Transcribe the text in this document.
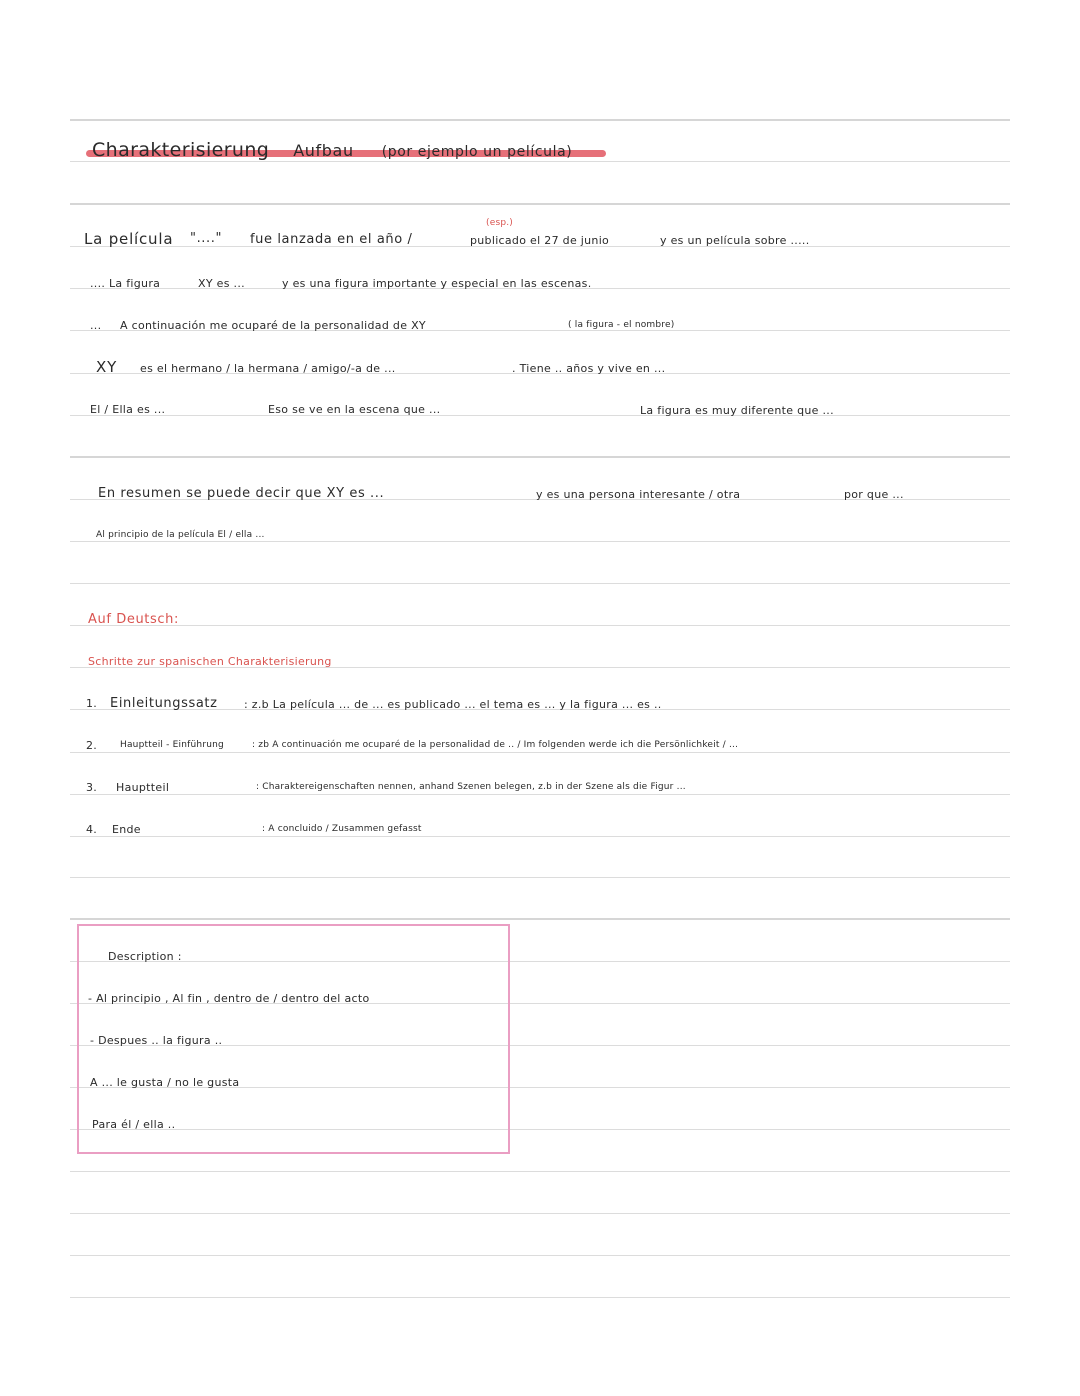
Charakterisierung Aufbau (por ejemplo un película)
La película "...." fue lanzada en el año /
(esp.)
publicado el 27 de junio	y es un película sobre .....
.... La figura	XY es ...	y es una figura importante y especial en las escenas.
... A continuación me ocuparé de la personalidad de XY	( la figura - el nombre)
XY es el hermano / la hermana / amigo/-a de ...	. Tiene .. años y vive en ...
El / Ella es ...	Eso se ve en la escena que ...	La figura es muy diferente que ...
En resumen se puede decir que XY es ...	y es una persona interesante / otra	por que ...
Al principio de la película El / ella ...
Auf Deutsch:
Schritte zur spanischen Charakterisierung
1. Einleitungssatz : z.b La película ... de ... es publicado ... el tema es ... y la figura ... es ..
2.	Hauptteil - Einführung	: zb A continuación me ocuparé de la personalidad de .. / Im folgenden werde ich die Persönlichkeit / ...
3. Hauptteil	: Charaktereigenschaften nennen, anhand Szenen belegen, z.b in der Szene als die Figur ...
4. Ende	: A concluido / Zusammen gefasst
Description :
- Al principio , Al fin , dentro de / dentro del acto
- Despues .. la figura ..
A ... le gusta / no le gusta
Para él / ella ..
